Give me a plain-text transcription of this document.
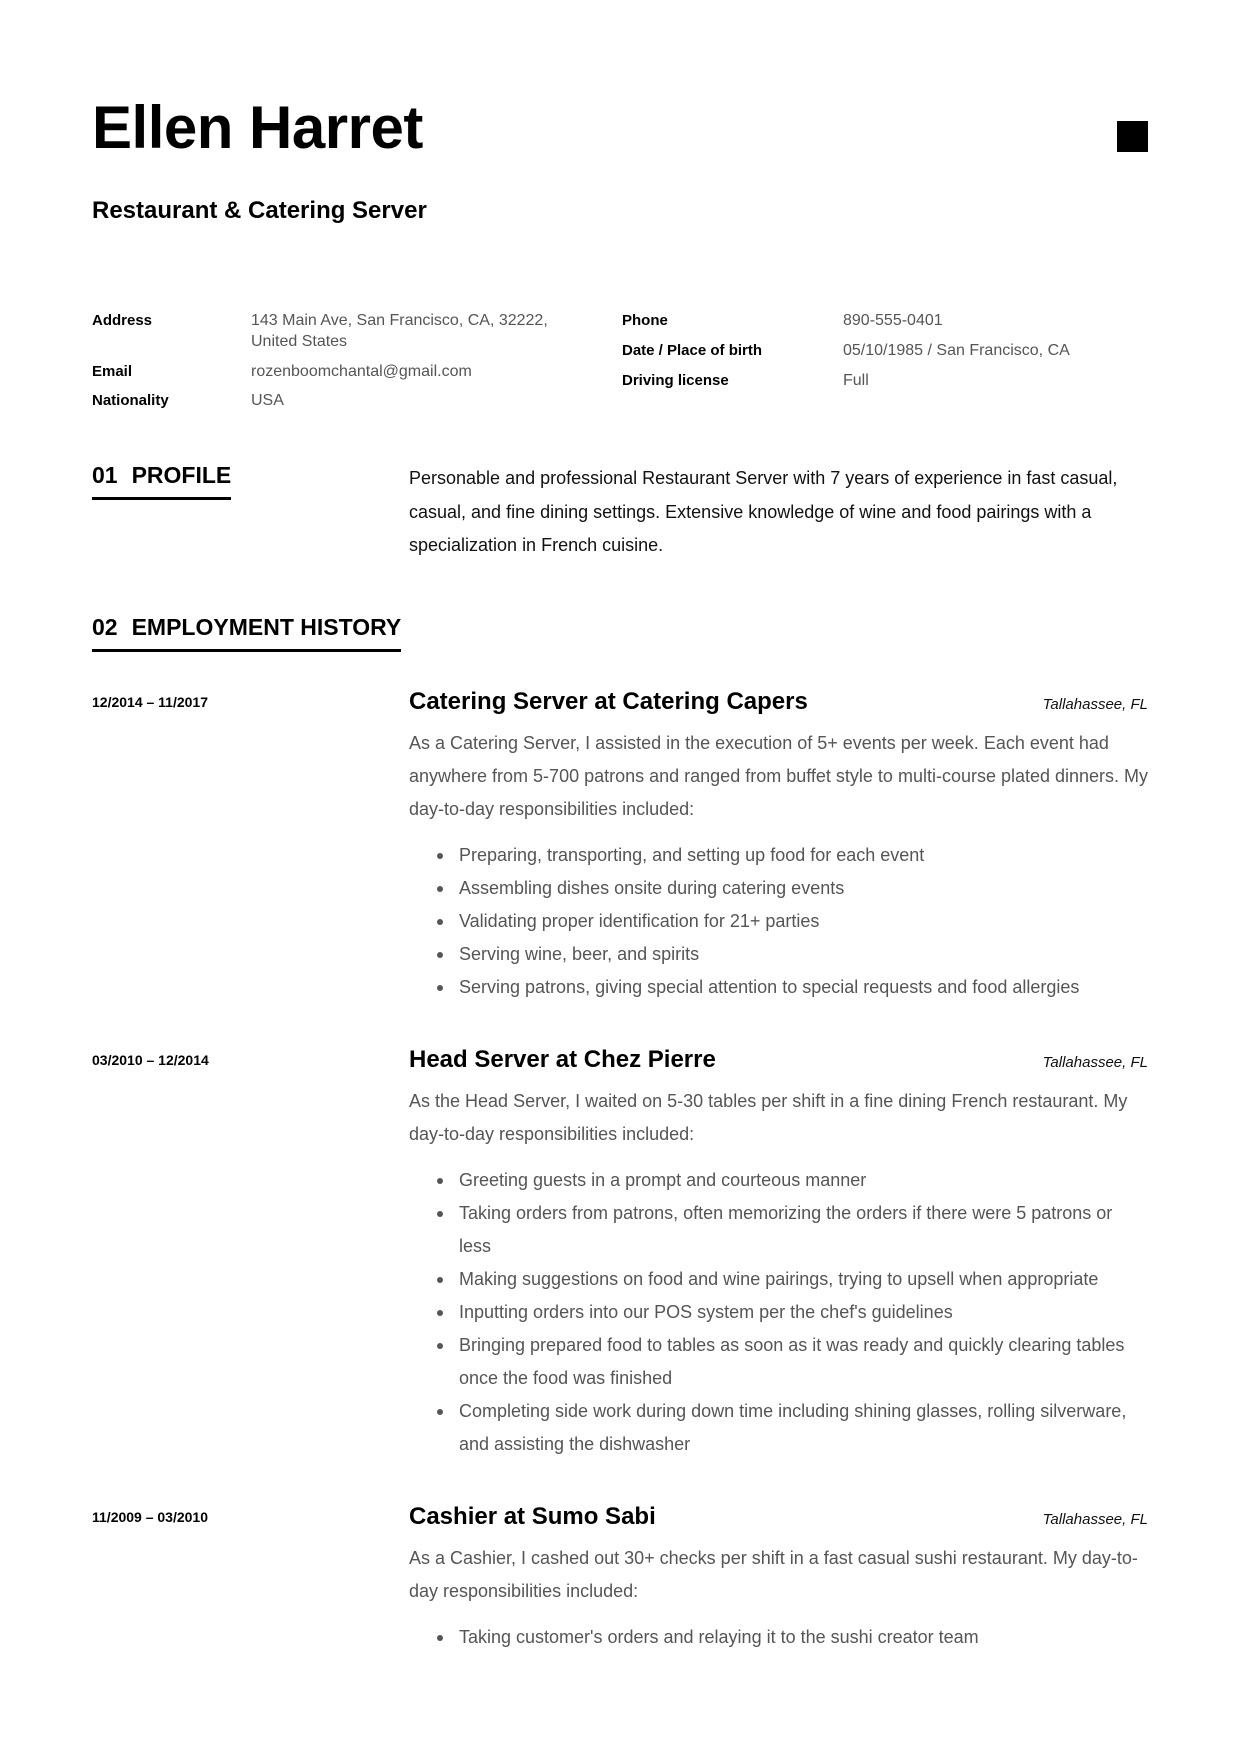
Ellen Harret
Restaurant & Catering Server
Address	143 Main Ave, San Francisco, CA, 32222, United States
Email	rozenboomchantal@gmail.com
Nationality	USA
Phone	890-555-0401
Date / Place of birth	05/10/1985 / San Francisco, CA
Driving license	Full
01 PROFILE	Personable and professional Restaurant Server with 7 years of experience in fast casual, casual, and fine dining settings. Extensive knowledge of wine and food pairings with a specialization in French cuisine.

02 EMPLOYMENT HISTORY
12/2014 – 11/2017	Catering Server at Catering Capers	Tallahassee, FL

As a Catering Server, I assisted in the execution of 5+ events per week. Each event had anywhere from 5-700 patrons and ranged from buffet style to multi-course plated dinners. My day-to-day responsibilities included:

Preparing, transporting, and setting up food for each event
Assembling dishes onsite during catering events
Validating proper identification for 21+ parties
Serving wine, beer, and spirits
Serving patrons, giving special attention to special requests and food allergies
03/2010 – 12/2014	Head Server at Chez Pierre	Tallahassee, FL

As the Head Server, I waited on 5-30 tables per shift in a fine dining French restaurant. My day-to-day responsibilities included:

Greeting guests in a prompt and courteous manner
Taking orders from patrons, often memorizing the orders if there were 5 patrons or less
Making suggestions on food and wine pairings, trying to upsell when appropriate
Inputting orders into our POS system per the chef's guidelines
Bringing prepared food to tables as soon as it was ready and quickly clearing tables once the food was finished
Completing side work during down time including shining glasses, rolling silverware, and assisting the dishwasher
11/2009 – 03/2010	Cashier at Sumo Sabi	Tallahassee, FL

As a Cashier, I cashed out 30+ checks per shift in a fast casual sushi restaurant. My day-to-day responsibilities included:

Taking customer's orders and relaying it to the sushi creator team
